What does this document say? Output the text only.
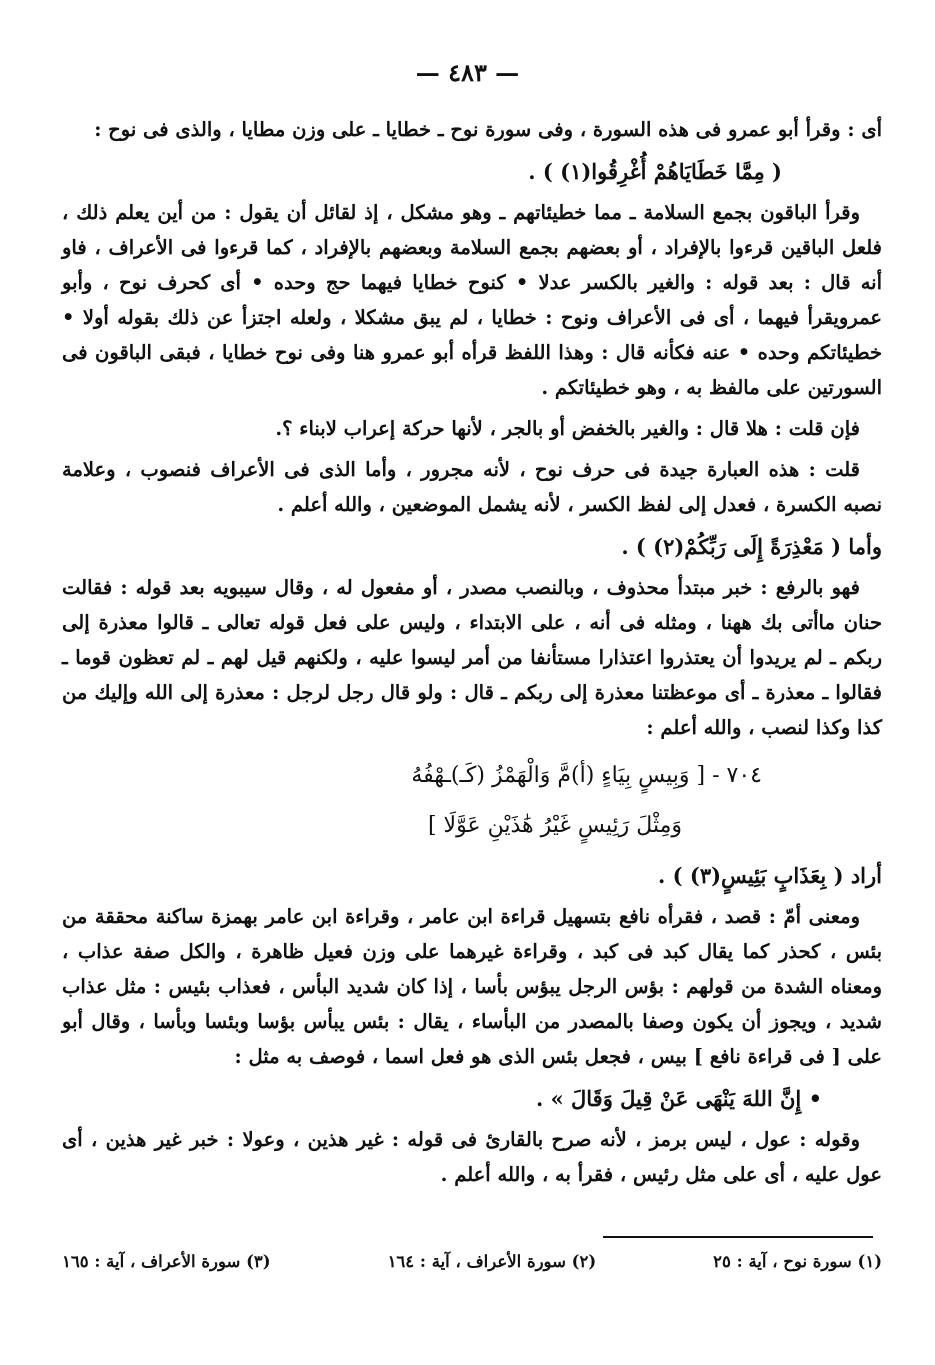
— ٤٨٣ —

أى : وقرأ أبو عمرو فى هذه السورة ، وفى سورة نوح ـ خطايا ـ على وزن مطايا ، والذى فى نوح :

( مِمَّا خَطَايَاهُمْ أُغْرِقُوا(١) ) .

وقرأ الباقون بجمع السلامة ـ مما خطيئاتهم ـ وهو مشكل ، إذ لقائل أن يقول : من أين يعلم ذلك ، فلعل الباقين قرءوا بالإفراد ، أو بعضهم بجمع السلامة وبعضهم بالإفراد ، كما قرءوا فى الأعراف ، فاو أنه قال : بعد قوله : والغير بالكسر عدلا • كنوح خطايا فيهما حج وحده • أى كحرف نوح ، وأبو عمرويقرأ فيهما ، أى فى الأعراف ونوح : خطايا ، لم يبق مشكلا ، ولعله اجتزأ عن ذلك بقوله أولا • خطيئاتكم وحده • عنه فكأنه قال : وهذا اللفظ قرأه أبو عمرو هنا وفى نوح خطايا ، فبقى الباقون فى السورتين على مالفظ به ، وهو خطيئاتكم .

فإن قلت : هلا قال : والغير بالخفض أو بالجر ، لأنها حركة إعراب لابناء ؟.

قلت : هذه العبارة جيدة فى حرف نوح ، لأنه مجرور ، وأما الذى فى الأعراف فنصوب ، وعلامة نصبه الكسرة ، فعدل إلى لفظ الكسر ، لأنه يشمل الموضعين ، والله أعلم .

وأما ( مَعْذِرَةً إِلَى رَبِّكُمْ(٢) ) .

فهو بالرفع : خبر مبتدأ محذوف ، وبالنصب مصدر ، أو مفعول له ، وقال سيبويه بعد قوله : فقالت حنان ماأتى بك ههنا ، ومثله فى أنه ، على الابتداء ، وليس على فعل قوله تعالى ـ قالوا معذرة إلى ربكم ـ لم يريدوا أن يعتذروا اعتذارا مستأنفا من أمر ليسوا عليه ، ولكنهم قيل لهم ـ لم تعظون قوما ـ فقالوا ـ معذرة ـ أى موعظتنا معذرة إلى ربكم ـ قال : ولو قال رجل لرجل : معذرة إلى الله وإليك من كذا وكذا لنصب ، والله أعلم :

٧٠٤ - [ وَبِيسٍ بِيَاءٍ (أ)مَّ وَالْهَمْزُ (كَـ)ـهْفُهُ
وَمِثْلَ رَئِيسٍ غَيْرُ هَٰذَيْنِ عَوَّلَا ]

أراد ( بِعَذَابٍ بَئِيسٍ(٣) ) .

ومعنى أمّ : قصد ، فقرأه نافع بتسهيل قراءة ابن عامر ، وقراءة ابن عامر بهمزة ساكنة محققة من بئس ، كحذر كما يقال كبد فى كبد ، وقراءة غيرهما على وزن فعيل ظاهرة ، والكل صفة عذاب ، ومعناه الشدة من قولهم : بؤس الرجل يبؤس بأسا ، إذا كان شديد البأس ، فعذاب بئيس : مثل عذاب شديد ، ويجوز أن يكون وصفا بالمصدر من البأساء ، يقال : بئس يبأس بؤسا وبئسا وبأسا ، وقال أبو على [ فى قراءة نافع ] بيس ، فجعل بئس الذى هو فعل اسما ، فوصف به مثل :

• إِنَّ اللهَ يَنْهَى عَنْ قِيلَ وَقَالَ » .

وقوله : عول ، ليس برمز ، لأنه صرح بالقارئ فى قوله : غير هذين ، وعولا : خبر غير هذين ، أى عول عليه ، أى على مثل رئيس ، فقرأ به ، والله أعلم .

(١) سورة نوح ، آية : ٢٥
(٢) سورة الأعراف ، آية : ١٦٤
(٣) سورة الأعراف ، آية : ١٦٥
